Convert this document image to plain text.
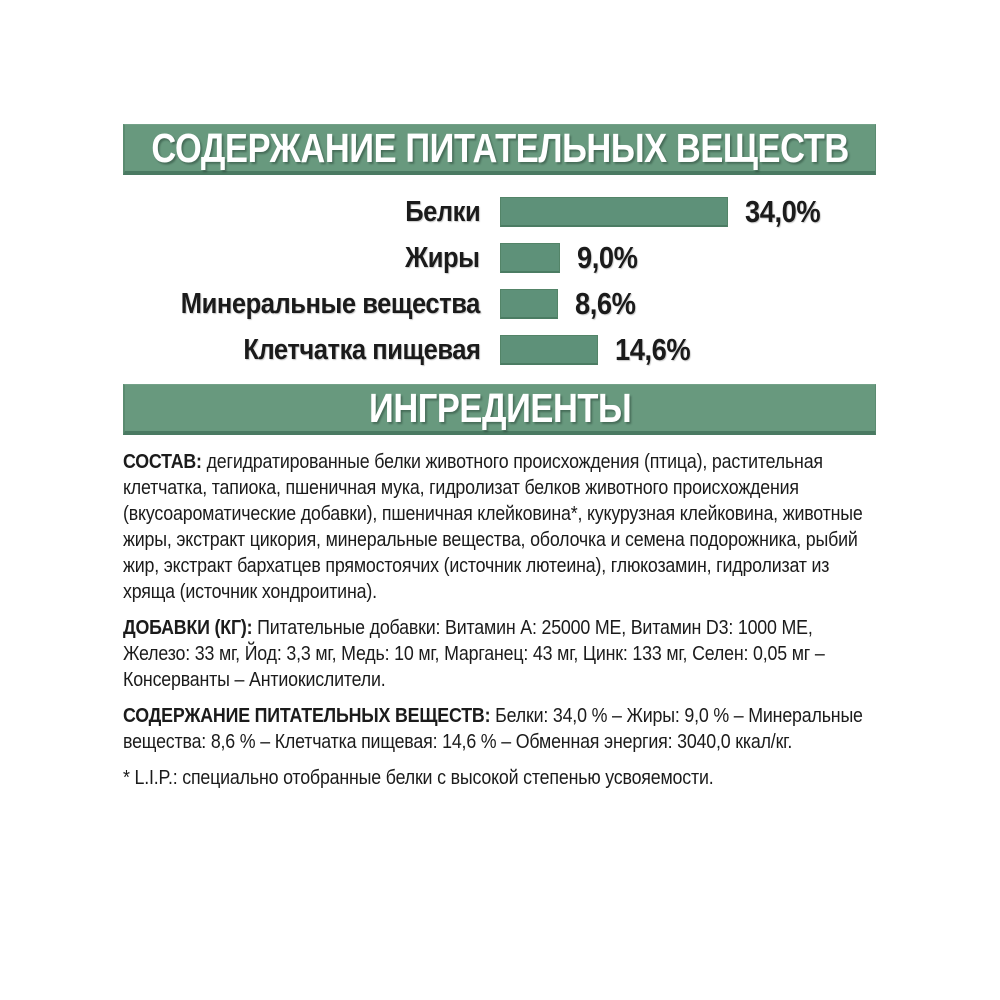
СОДЕРЖАНИЕ ПИТАТЕЛЬНЫХ ВЕЩЕСТВ
Белки	34,0%
Жиры	9,0%
Минеральные вещества	8,6%
Клетчатка пищевая	14,6%
ИНГРЕДИЕНТЫ

СОСТАВ: дегидратированные белки животного происхождения (птица), растительная клетчатка, тапиока, пшеничная мука, гидролизат белков животного происхождения (вкусоароматические добавки), пшеничная клейковина*, кукурузная клейковина, животные жиры, экстракт цикория, минеральные вещества, оболочка и семена подорожника, рыбий жир, экстракт бархатцев прямостоячих (источник лютеина), глюкозамин, гидролизат из хряща (источник хондроитина).

ДОБАВКИ (КГ): Питательные добавки: Витамин А: 25000 МЕ, Витамин D3: 1000 МЕ, Железо: 33 мг, Йод: 3,3 мг, Медь: 10 мг, Марганец: 43 мг, Цинк: 133 мг, Селен: 0,05 мг – Консерванты – Антиокислители.

СОДЕРЖАНИЕ ПИТАТЕЛЬНЫХ ВЕЩЕСТВ: Белки: 34,0 % – Жиры: 9,0 % – Минеральные вещества: 8,6 % – Клетчатка пищевая: 14,6 % – Обменная энергия: 3040,0 ккал/кг.

* L.I.P.: специально отобранные белки с высокой степенью усвояемости.
